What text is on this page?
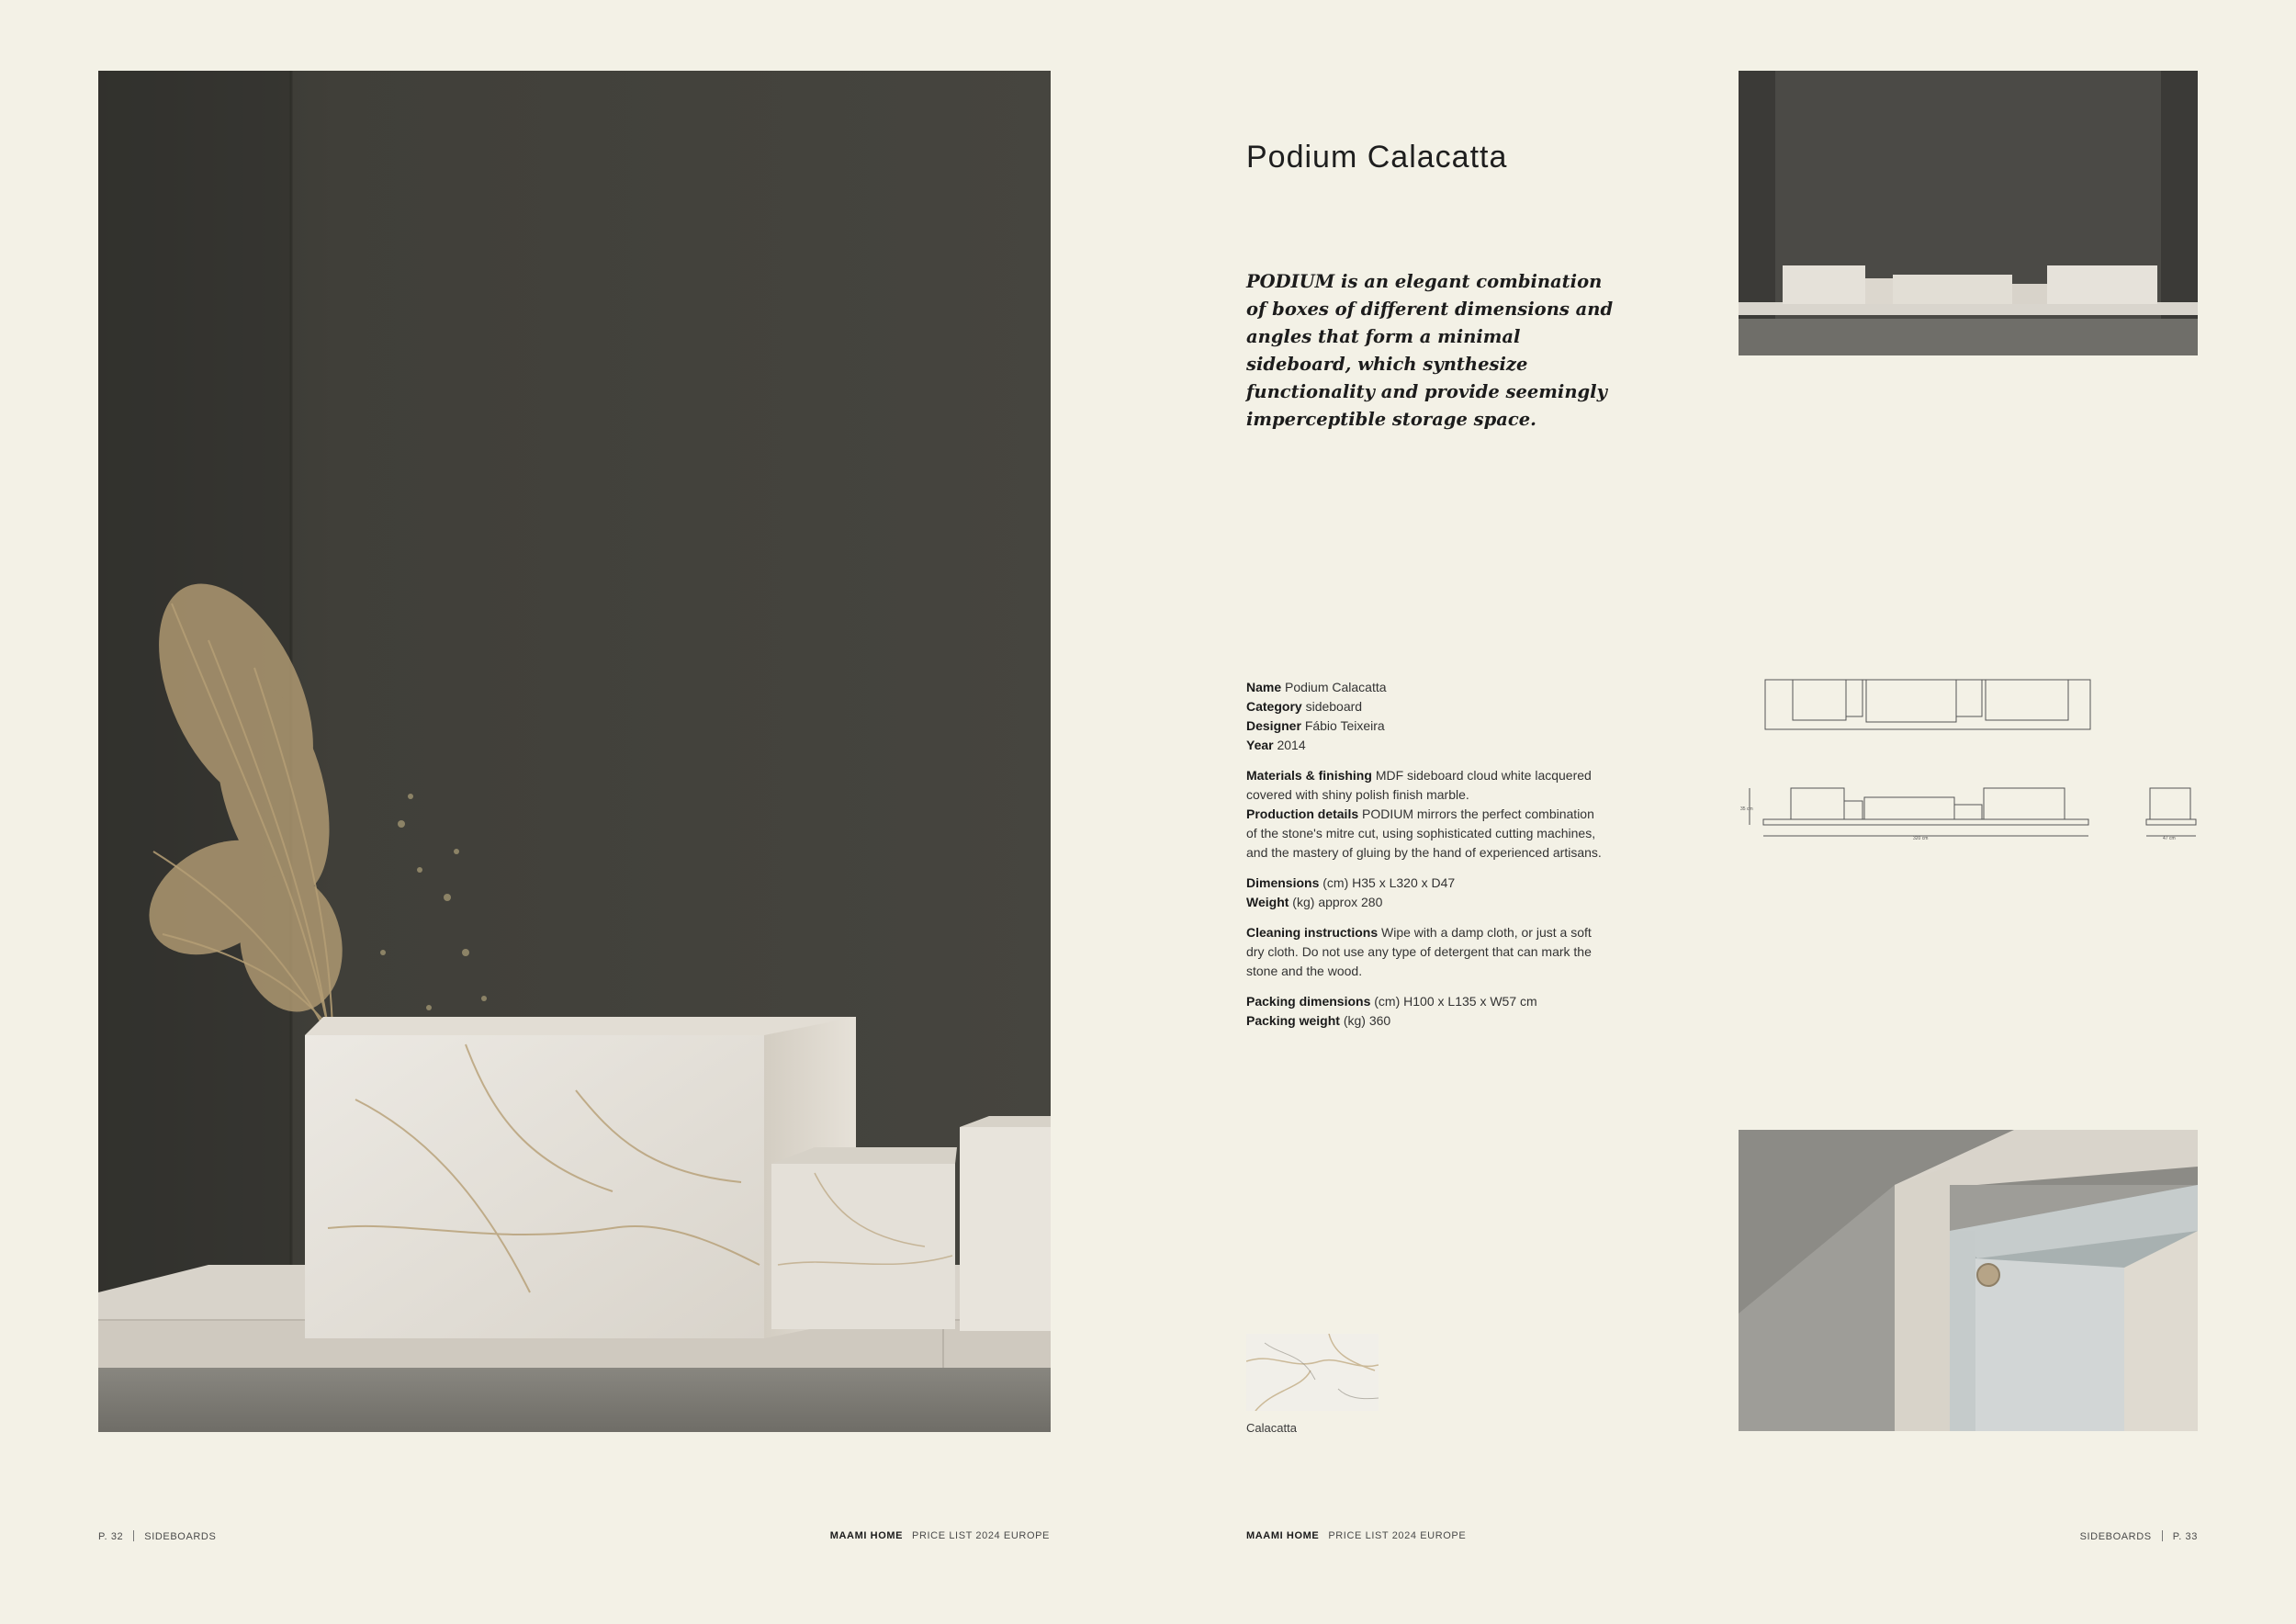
Podium Calacatta

PODIUM is an elegant combination of boxes of different dimensions and angles that form a minimal sideboard, which synthesize functionality and provide seemingly imperceptible storage space.

Name Podium Calacatta
Category sideboard
Designer Fábio Teixeira
Year 2014
Materials & finishing MDF sideboard cloud white lacquered covered with shiny polish finish marble.
Production details PODIUM mirrors the perfect combination of the stone's mitre cut, using sophisticated cutting machines, and the mastery of gluing by the hand of experienced artisans.
Dimensions (cm) H35 x L320 x D47
Weight (kg) approx 280
Cleaning instructions Wipe with a damp cloth, or just a soft dry cloth. Do not use any type of detergent that can mark the stone and the wood.
Packing dimensions (cm) H100 x L135 x W57 cm
Packing weight (kg) 360
35 cm
320 cm	47 cm
Calacatta
P. 32 SIDEBOARDS	MAAMI HOME PRICE LIST 2024 EUROPE	MAAMI HOME PRICE LIST 2024 EUROPE	SIDEBOARDS P. 33
